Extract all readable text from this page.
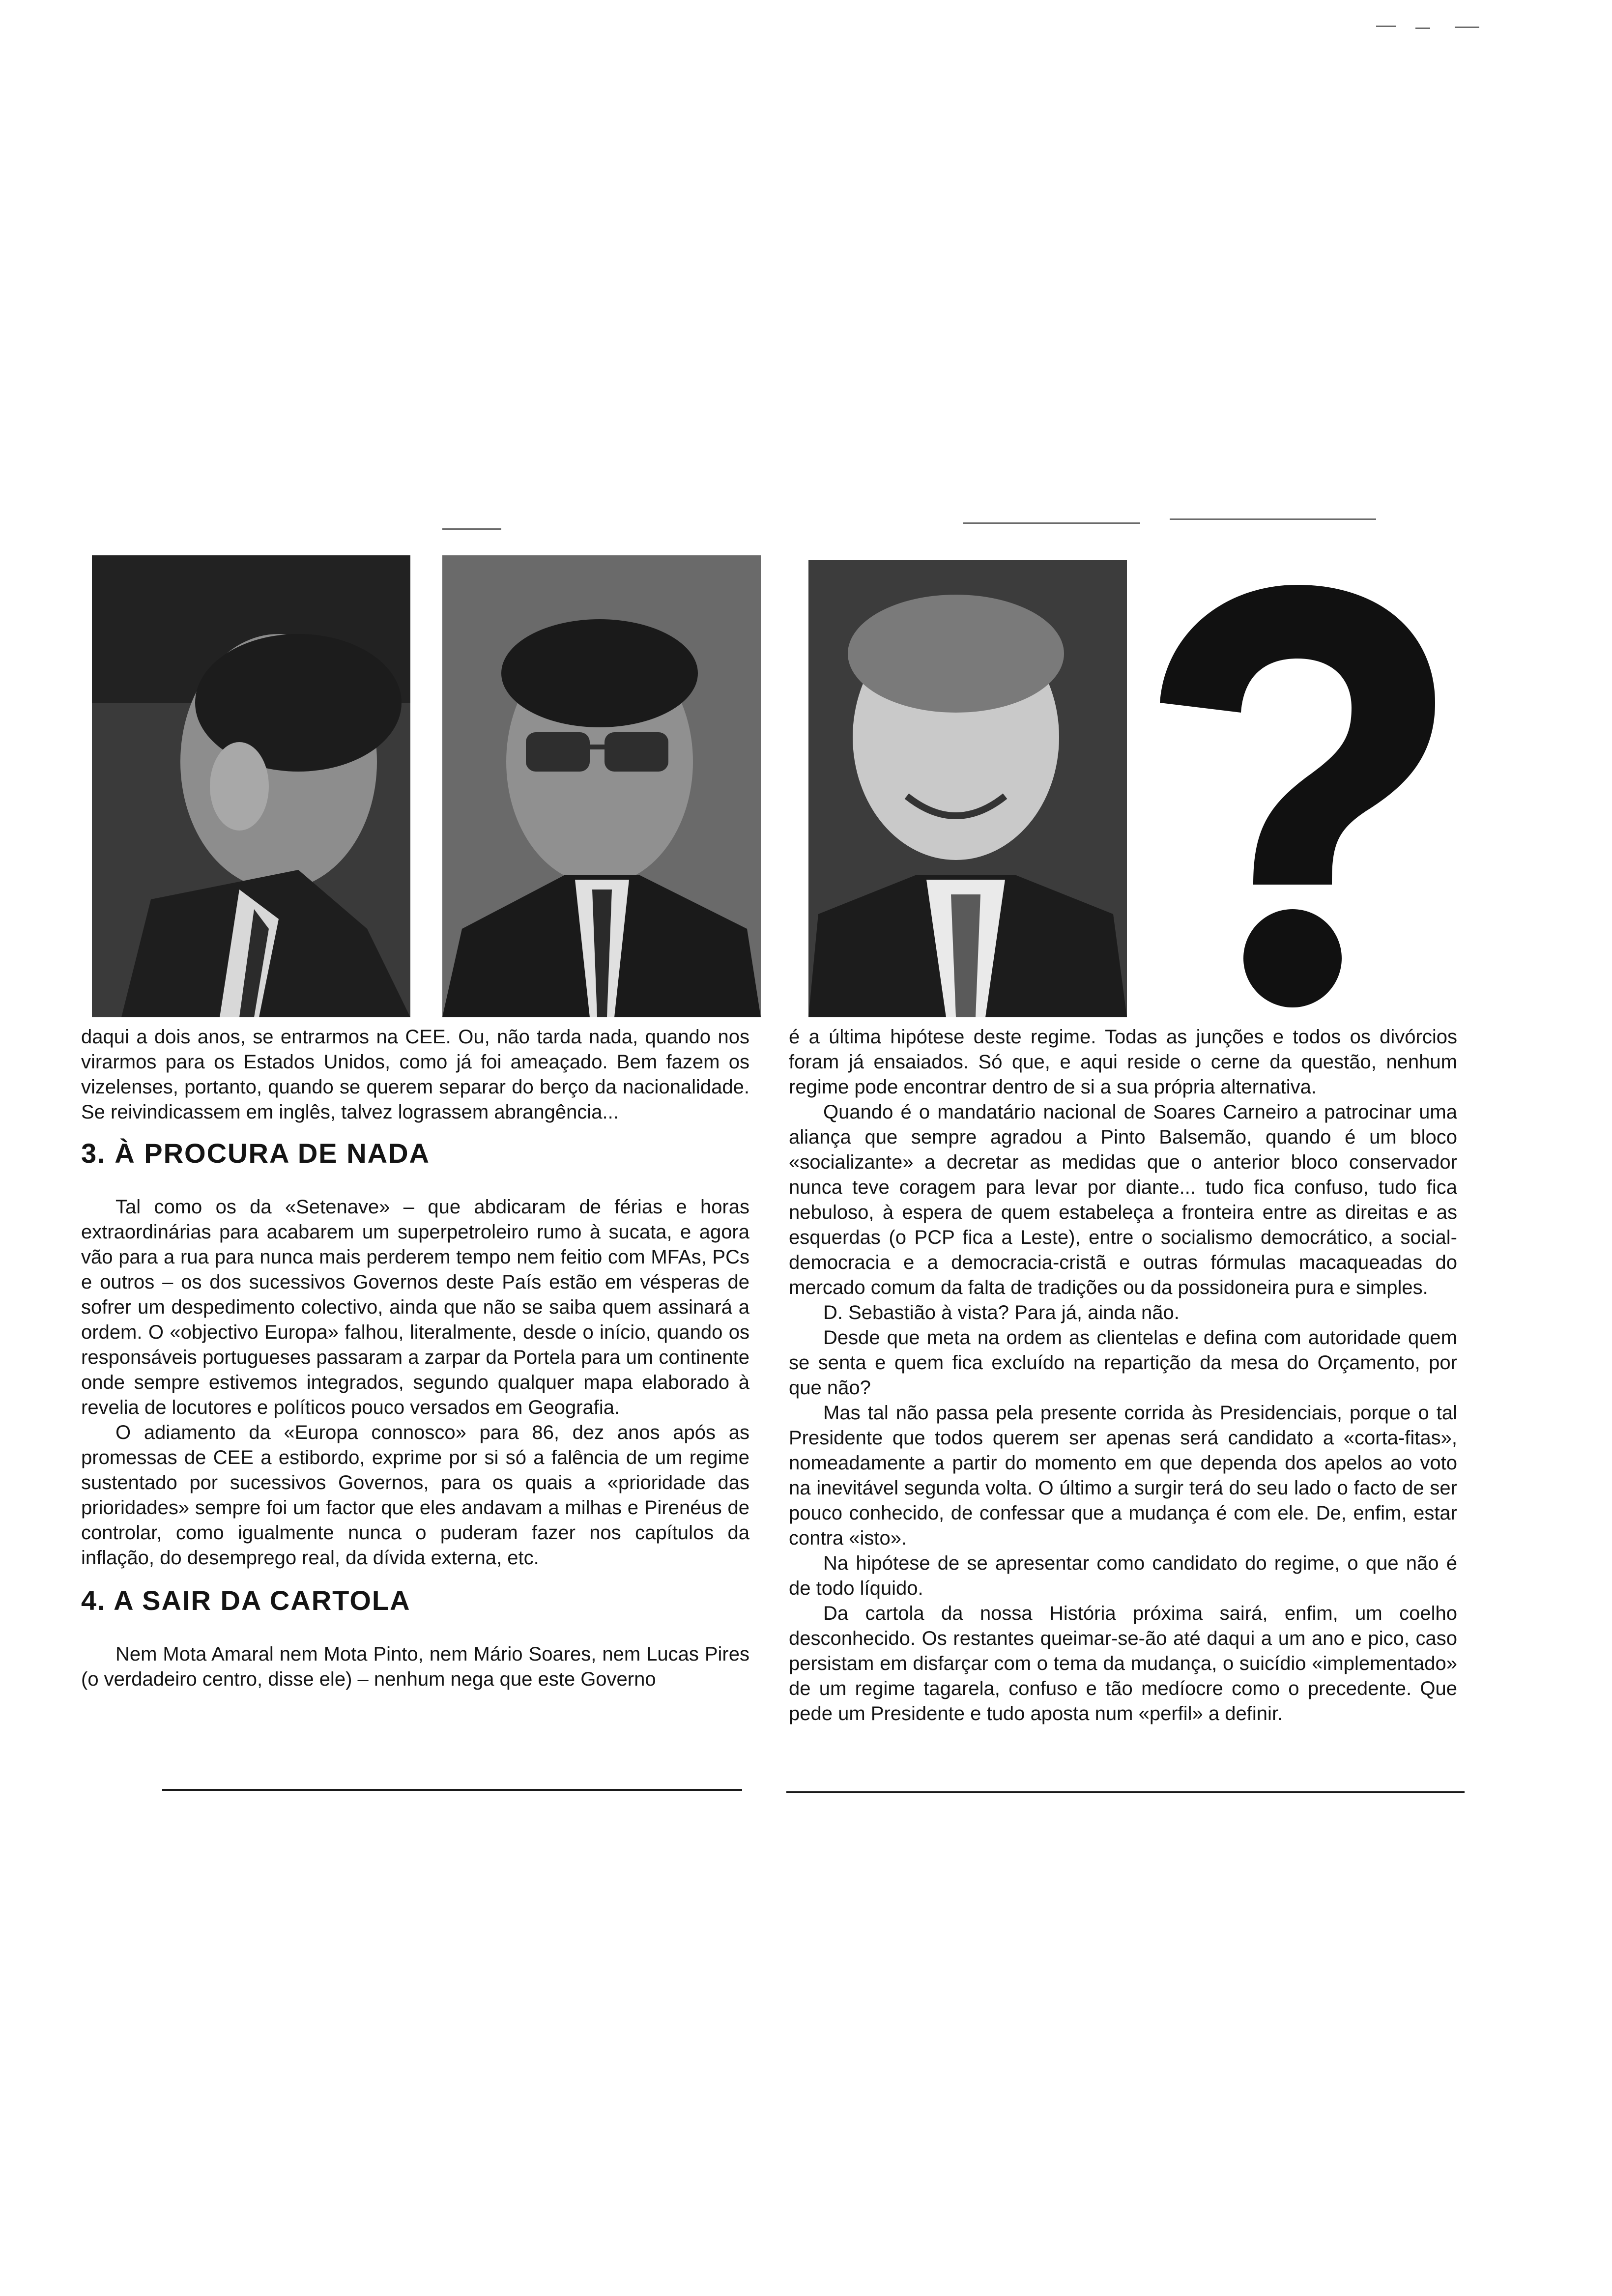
daqui a dois anos, se entrarmos na CEE. Ou, não tarda nada, quando nos virarmos para os Estados Unidos, como já foi ameaçado. Bem fazem os vizelenses, portanto, quando se querem separar do berço da nacionalidade. Se reivindicassem em inglês, talvez lograssem abrangência...

3. À PROCURA DE NADA

Tal como os da «Setenave» – que abdicaram de férias e horas extraordinárias para acabarem um superpetroleiro rumo à sucata, e agora vão para a rua para nunca mais perderem tempo nem feitio com MFAs, PCs e outros – os dos sucessivos Governos deste País estão em vésperas de sofrer um despedimento colectivo, ainda que não se saiba quem assinará a ordem. O «objectivo Europa» falhou, literalmente, desde o início, quando os responsáveis portugueses passaram a zarpar da Portela para um continente onde sempre estivemos integrados, segundo qualquer mapa elaborado à revelia de locutores e políticos pouco versados em Geografia.

O adiamento da «Europa connosco» para 86, dez anos após as promessas de CEE a estibordo, exprime por si só a falência de um regime sustentado por sucessivos Governos, para os quais a «prioridade das prioridades» sempre foi um factor que eles andavam a milhas e Pirenéus de controlar, como igualmente nunca o puderam fazer nos capítulos da inflação, do desemprego real, da dívida externa, etc.

4. A SAIR DA CARTOLA

Nem Mota Amaral nem Mota Pinto, nem Mário Soares, nem Lucas Pires (o verdadeiro centro, disse ele) – nenhum nega que este Governo

é a última hipótese deste regime. Todas as junções e todos os divórcios foram já ensaiados. Só que, e aqui reside o cerne da questão, nenhum regime pode encontrar dentro de si a sua própria alternativa.

Quando é o mandatário nacional de Soares Carneiro a patrocinar uma aliança que sempre agradou a Pinto Balsemão, quando é um bloco «socializante» a decretar as medidas que o anterior bloco conservador nunca teve coragem para levar por diante... tudo fica confuso, tudo fica nebuloso, à espera de quem estabeleça a fronteira entre as direitas e as esquerdas (o PCP fica a Leste), entre o socialismo democrático, a social-democracia e a democracia-cristã e outras fórmulas macaqueadas do mercado comum da falta de tradições ou da possidoneira pura e simples.

D. Sebastião à vista? Para já, ainda não.

Desde que meta na ordem as clientelas e defina com autoridade quem se senta e quem fica excluído na repartição da mesa do Orçamento, por que não?

Mas tal não passa pela presente corrida às Presidenciais, porque o tal Presidente que todos querem ser apenas será candidato a «corta-fitas», nomeadamente a partir do momento em que dependa dos apelos ao voto na inevitável segunda volta. O último a surgir terá do seu lado o facto de ser pouco conhecido, de confessar que a mudança é com ele. De, enfim, estar contra «isto».

Na hipótese de se apresentar como candidato do regime, o que não é de todo líquido.

Da cartola da nossa História próxima sairá, enfim, um coelho desconhecido. Os restantes queimar-se-ão até daqui a um ano e pico, caso persistam em disfarçar com o tema da mudança, o suicídio «implementado» de um regime tagarela, confuso e tão medíocre como o precedente. Que pede um Presidente e tudo aposta num «perfil» a definir.
